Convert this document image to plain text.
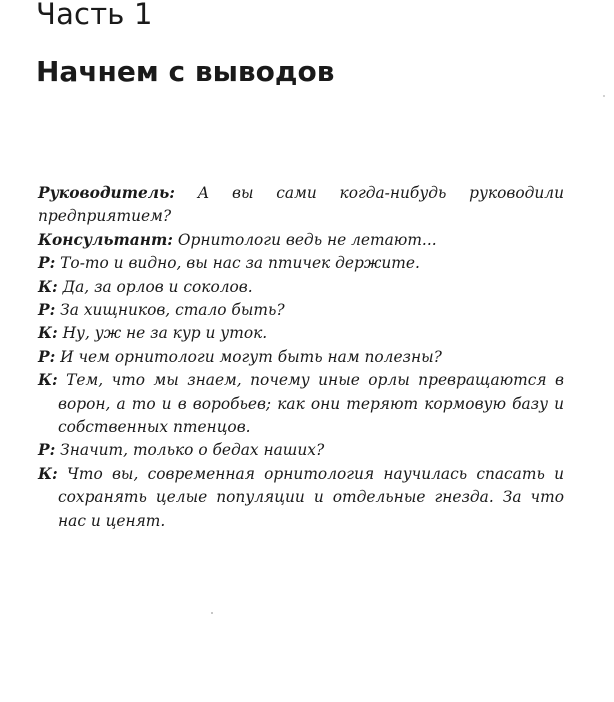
Часть 1
Начнем с выводов

Руководитель: А вы сами когда-нибудь руководили предприятием?

Консультант: Орнитологи ведь не летают...

Р: То-то и видно, вы нас за птичек держите.

К: Да, за орлов и соколов.

Р: За хищников, стало быть?

К: Ну, уж не за кур и уток.

Р: И чем орнитологи могут быть нам полезны?

К: Тем, что мы знаем, почему иные орлы превращаются в ворон, а то и в воробьев; как они теряют кормовую базу и собственных птенцов.

Р: Значит, только о бедах наших?

К: Что вы, современная орнитология научилась спасать и сохранять целые популяции и отдельные гнезда. За что нас и ценят.
